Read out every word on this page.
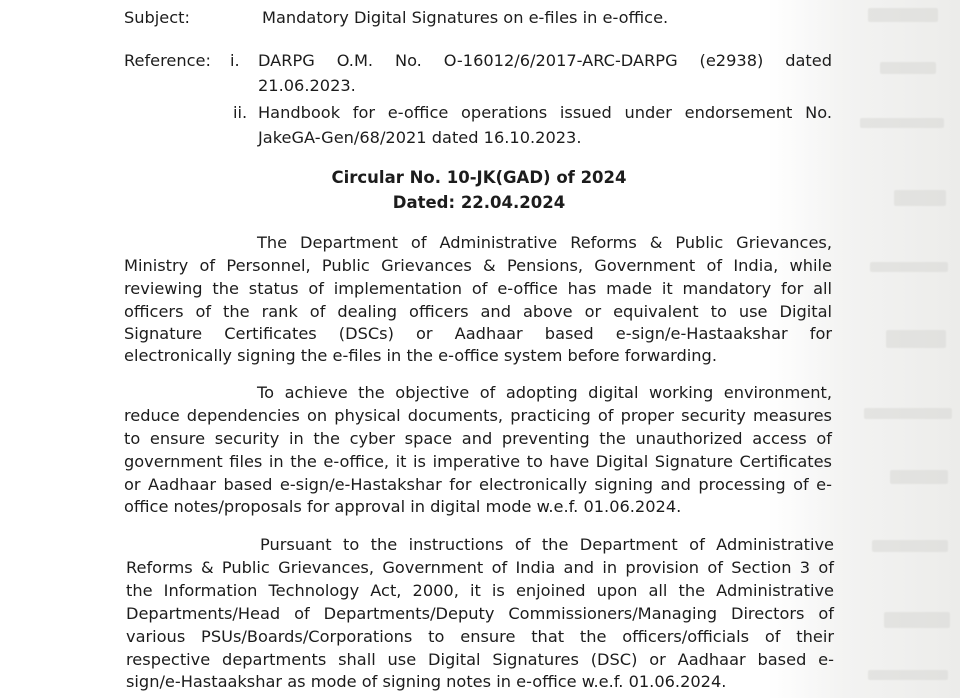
Subject:	Mandatory Digital Signatures on e-files in e-office.
Reference: i. DARPG O.M. No. O-16012/6/2017-ARC-DARPG (e2938) dated
21.06.2023.
ii. Handbook for e-office operations issued under endorsement No.
JakeGA-Gen/68/2021 dated 16.10.2023.
Circular No. 10-JK(GAD) of 2024
Dated: 22.04.2024
The Department of Administrative Reforms & Public Grievances,
Ministry of Personnel, Public Grievances & Pensions, Government of India, while
reviewing the status of implementation of e-office has made it mandatory for all
officers of the rank of dealing officers and above or equivalent to use Digital
Signature Certificates (DSCs) or Aadhaar based e-sign/e-Hastaakshar for
electronically signing the e-files in the e-office system before forwarding.
To achieve the objective of adopting digital working environment,
reduce dependencies on physical documents, practicing of proper security measures
to ensure security in the cyber space and preventing the unauthorized access of
government files in the e-office, it is imperative to have Digital Signature Certificates
or Aadhaar based e-sign/e-Hastakshar for electronically signing and processing of e-
office notes/proposals for approval in digital mode w.e.f. 01.06.2024.
Pursuant to the instructions of the Department of Administrative
Reforms & Public Grievances, Government of India and in provision of Section 3 of
the Information Technology Act, 2000, it is enjoined upon all the Administrative
Departments/Head of Departments/Deputy Commissioners/Managing Directors of
various PSUs/Boards/Corporations to ensure that the officers/officials of their
respective departments shall use Digital Signatures (DSC) or Aadhaar based e-
sign/e-Hastaakshar as mode of signing notes in e-office w.e.f. 01.06.2024.
